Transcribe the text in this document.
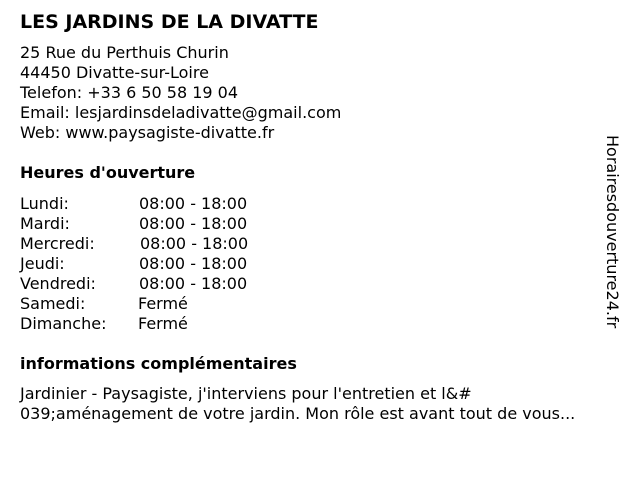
LES JARDINS DE LA DIVATTE
25 Rue du Perthuis Churin
44450 Divatte-sur-Loire
Telefon: +33 6 50 58 19 04
Email: lesjardinsdeladivatte@gmail.com
Web: www.paysagiste-divatte.fr
Heures d'ouverture
Lundi:	08:00 - 18:00
Mardi:	08:00 - 18:00
Mercredi:	08:00 - 18:00
Jeudi:	08:00 - 18:00
Vendredi:	08:00 - 18:00
Samedi:	Fermé
Dimanche: Fermé
informations complémentaires
Jardinier - Paysagiste, j'interviens pour l'entretien et l&#
039;aménagement de votre jardin. Mon rôle est avant tout de vous...
Horairesdouverture24.fr
